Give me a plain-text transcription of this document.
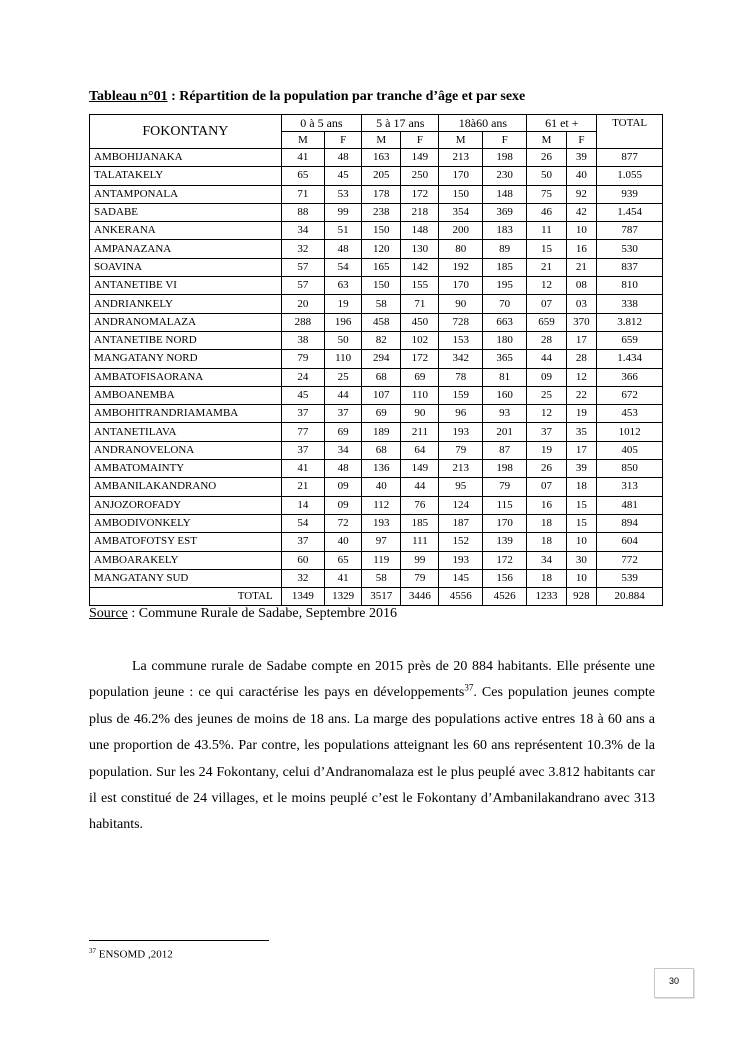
Tableau n°01 : Répartition de la population par tranche d’âge et par sexe
FOKONTANY	0 à 5 ans		5 à 17 ans		18à60 ans		61 et +		TOTAL
	M	F	M	F	M	F	M	F	
AMBOHIJANAKA	41	48	163	149	213	198	26	39	877
TALATAKELY	65	45	205	250	170	230	50	40	1.055
ANTAMPONALA	71	53	178	172	150	148	75	92	939
SADABE	88	99	238	218	354	369	46	42	1.454
ANKERANA	34	51	150	148	200	183	11	10	787
AMPANAZANA	32	48	120	130	80	89	15	16	530
SOAVINA	57	54	165	142	192	185	21	21	837
ANTANETIBE VI	57	63	150	155	170	195	12	08	810
ANDRIANKELY	20	19	58	71	90	70	07	03	338
ANDRANOMALAZA	288	196	458	450	728	663	659	370	3.812
ANTANETIBE NORD	38	50	82	102	153	180	28	17	659
MANGATANY NORD	79	110	294	172	342	365	44	28	1.434
AMBATOFISAORANA	24	25	68	69	78	81	09	12	366
AMBOANEMBA	45	44	107	110	159	160	25	22	672
AMBOHITRANDRIAMAMBA	37	37	69	90	96	93	12	19	453
ANTANETILAVA	77	69	189	211	193	201	37	35	1012
ANDRANOVELONA	37	34	68	64	79	87	19	17	405
AMBATOMAINTY	41	48	136	149	213	198	26	39	850
AMBANILAKANDRANO	21	09	40	44	95	79	07	18	313
ANJOZOROFADY	14	09	112	76	124	115	16	15	481
AMBODIVONKELY	54	72	193	185	187	170	18	15	894
AMBATOFOTSY EST	37	40	97	111	152	139	18	10	604
AMBOARAKELY	60	65	119	99	193	172	34	30	772
MANGATANY SUD	32	41	58	79	145	156	18	10	539
TOTAL	1349	1329	3517	3446	4556	4526	1233	928	20.884
Source : Commune Rurale de Sadabe, Septembre 2016

La commune rurale de Sadabe compte en 2015 près de 20 884 habitants. Elle présente une population jeune : ce qui caractérise les pays en développements$^{37}$. Ces population jeunes compte plus de 46.2% des jeunes de moins de 18 ans. La marge des populations active entres 18 à 60 ans a une proportion de 43.5%. Par contre, les populations atteignant les 60 ans représentent 10.3% de la population. Sur les 24 Fokontany, celui d’Andranomalaza est le plus peuplé avec 3.812 habitants car il est constitué de 24 villages, et le moins peuplé c’est le Fokontany d’Ambanilakandrano avec 313 habitants.

$^{37}$ ENSOMD ,2012
30
